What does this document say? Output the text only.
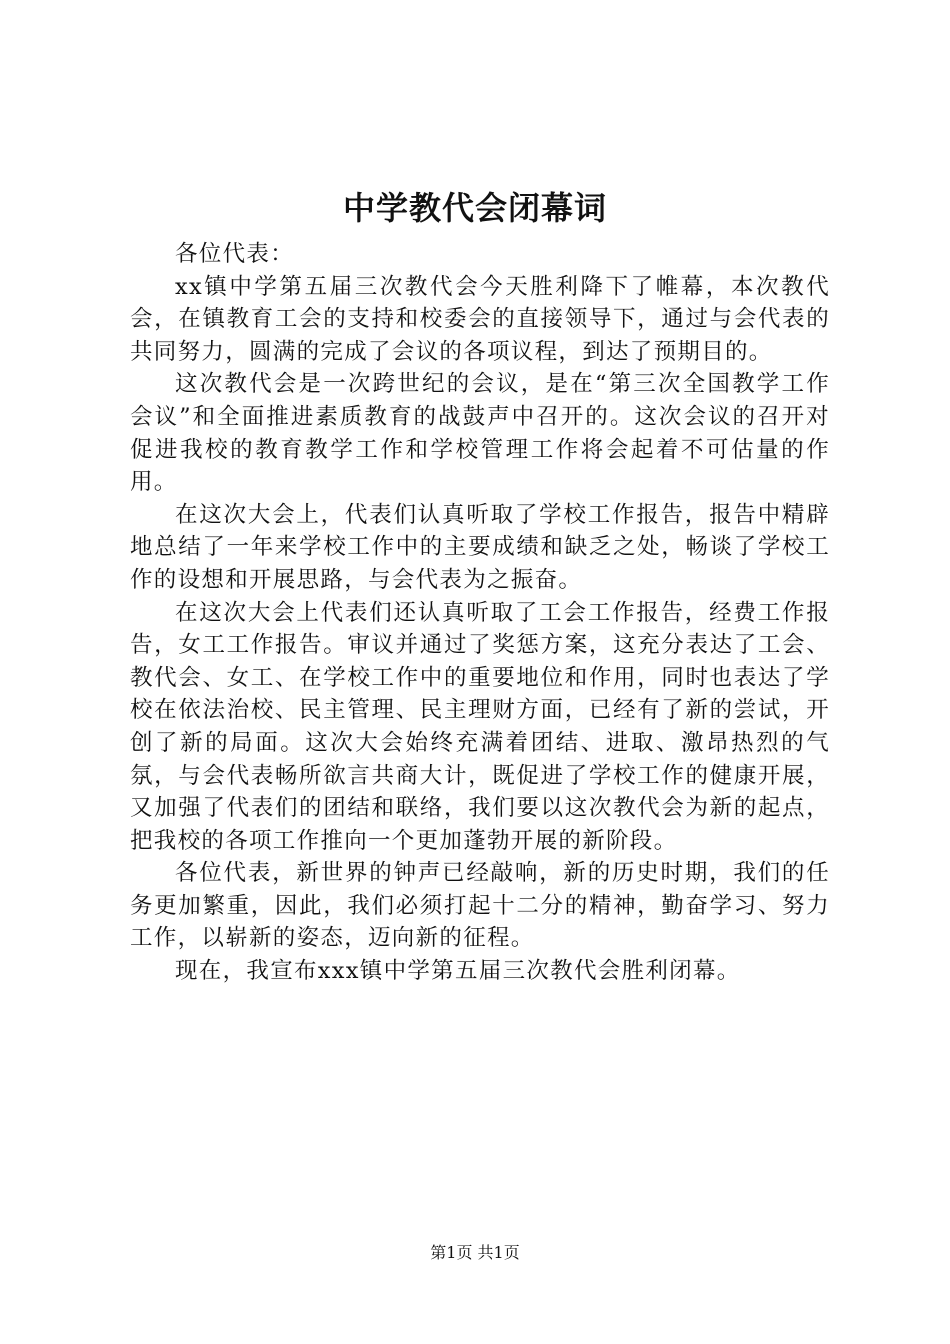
中学教代会闭幕词

各位代表：

xx镇中学第五届三次教代会今天胜利降下了帷幕，本次教代会，在镇教育工会的支持和校委会的直接领导下，通过与会代表的共同努力，圆满的完成了会议的各项议程，到达了预期目的。

这次教代会是一次跨世纪的会议，是在“第三次全国教学工作会议”和全面推进素质教育的战鼓声中召开的。这次会议的召开对促进我校的教育教学工作和学校管理工作将会起着不可估量的作用。

在这次大会上，代表们认真听取了学校工作报告，报告中精辟地总结了一年来学校工作中的主要成绩和缺乏之处，畅谈了学校工作的设想和开展思路，与会代表为之振奋。

在这次大会上代表们还认真听取了工会工作报告，经费工作报告，女工工作报告。审议并通过了奖惩方案，这充分表达了工会、教代会、女工、在学校工作中的重要地位和作用，同时也表达了学校在依法治校、民主管理、民主理财方面，已经有了新的尝试，开创了新的局面。这次大会始终充满着团结、进取、激昂热烈的气氛，与会代表畅所欲言共商大计，既促进了学校工作的健康开展，又加强了代表们的团结和联络，我们要以这次教代会为新的起点，把我校的各项工作推向一个更加蓬勃开展的新阶段。

各位代表，新世界的钟声已经敲响，新的历史时期，我们的任务更加繁重，因此，我们必须打起十二分的精神，勤奋学习、努力工作，以崭新的姿态，迈向新的征程。

现在，我宣布xxx镇中学第五届三次教代会胜利闭幕。

第1页 共1页
